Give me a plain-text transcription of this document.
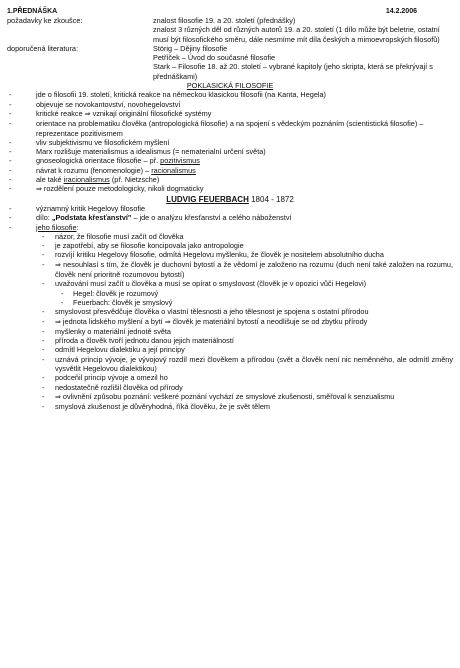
1.PŘEDNÁŠKA	14.2.2006
požadavky ke zkoušce:	znalost filosofie 19. a 20. století (přednášky)
znalost 3 různých děl od různých autorů 19. a 20. století (1 dílo může být beletrie, ostatní musí být filosofického směru, dále nesmíme mít díla českých a mimoevropských filosofů)
doporučená literatura:	Störig – Dějiny filosofie
Petříček – Úvod do současné filosofie
Stark – Filosofie 18. až 20. století – vybrané kapitoly (jeho skripta, která se překrývají s přednáškami)
POKLASICKÁ FILOSOFIE
- jde o filosofii 19. století, kritická reakce na německou klasickou filosofii (na Kanta, Hegela)
- objevuje se novokantovství, novohegelovství
- kritické reakce ⇒ vznikají originální filosofické systémy
- orientace na problematiku člověka (antropologická filosofie) a na spojení s vědeckým poznáním (scientistická filosofie) – reprezentace pozitivismem
- vliv subjektivismu ve filosofickém myšlení
- Marx rozlišuje materialismus a idealismus (= nematerialní určení světa)
- gnoseologická orientace filosofie – př. pozitivismus
- návrat k rozumu (fenomenologie) – racionalismus
- ale také iracionalismus (př. Nietzsche)
- ⇒ rozdělení pouze metodologicky, nikoli dogmaticky
LUDVIG FEUERBACH 1804 - 1872
- významný kritik Hegelovy filosofie
- dílo: „Podstata křesťanství" – jde o analýzu křesťanství a celého náboženství
- jeho filosofie:
- názor, že filosofie musí začít od člověka
- je zapotřebí, aby se filosofie koncipovala jako antropologie
- rozvíjí kritiku Hegelovy filosofie, odmítá Hegelovu myšlenku, že člověk je nositelem absolutního ducha
- ⇒ nesouhlasí s tím, že člověk je duchovní bytostí a že vědomí je založeno na rozumu (duch není také založen na rozumu, člověk není prioritně rozumovou bytostí)
- uvažování musí začít u člověka a musí se opírat o smyslovost (člověk je v opozici vůči Hegelovi)
- Hegel: člověk je rozumový
- Feuerbach: člověk je smyslový
- smyslovost přesvědčuje člověka o vlastní tělesnosti a jeho tělesnost je spojena s ostatní přírodou
- ⇒ jednota lidského myšlení a bytí ⇒ člověk je materiální bytostí a neodlišuje se od zbytku přírody
- myšlenky o materiální jednotě světa
- příroda a člověk tvoří jednotu danou jejich materiálností
- odmítl Hegelovu dialektiku a její principy
- uznává princip vývoje, je vývojový rozdíl mezi člověkem a přírodou (svět a člověk není nic neměnného, ale odmítl změny vysvětlit Hegelovou dialektikou)
- podceňil princip vývoje a omezil ho
- nedostatečně rozlišil člověka od přírody
- ⇒ ovlivnění způsobu poznání: veškeré poznání vychází ze smyslové zkušenosti, směřoval k senzualismu
- smyslová zkušenost je důvěryhodná, říká člověku, že je svět tělem
